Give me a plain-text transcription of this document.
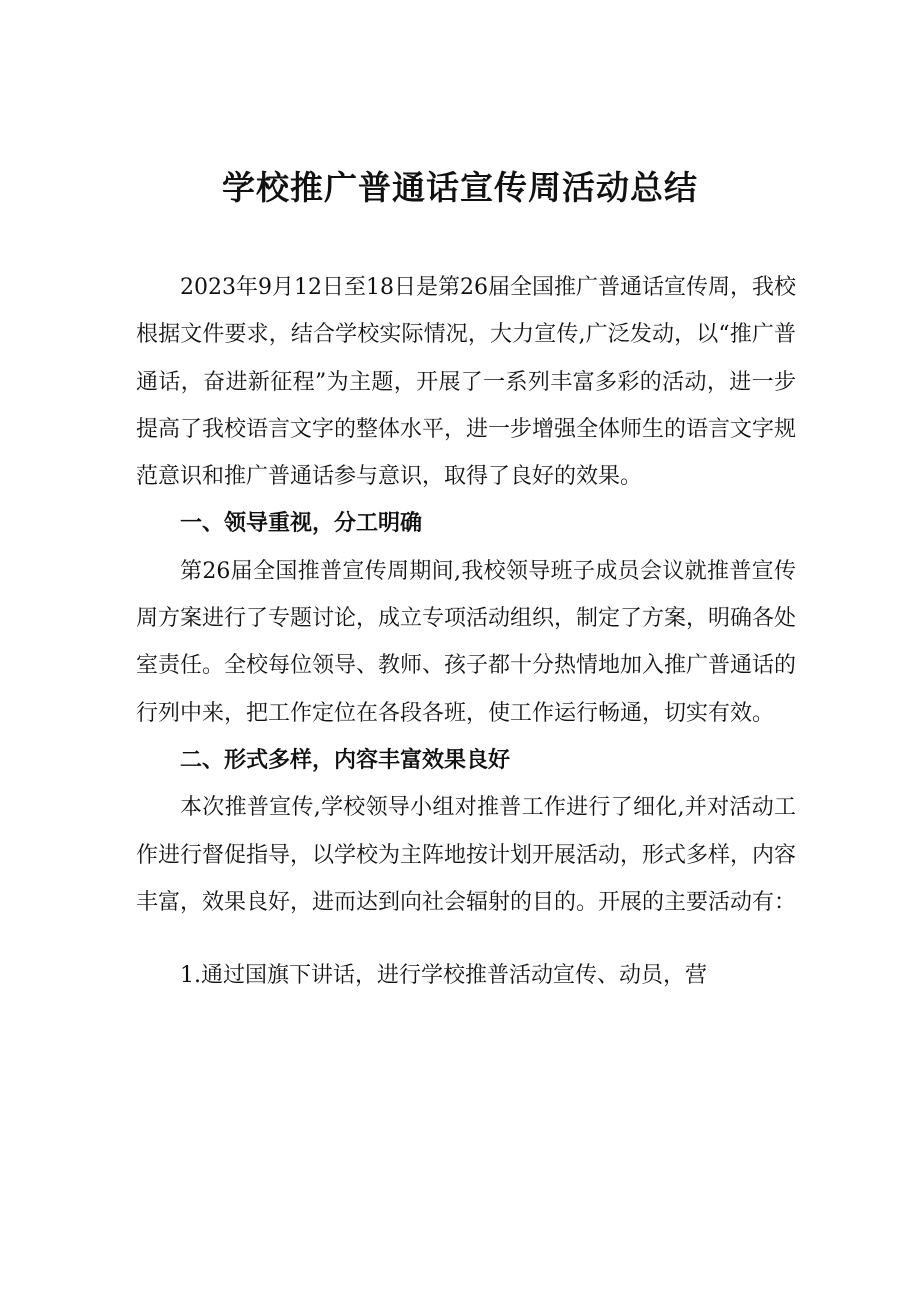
学校推广普通话宣传周活动总结

2023年9月12日至18日是第26届全国推广普通话宣传周，我校根据文件要求，结合学校实际情况，大力宣传,广泛发动，以“推广普通话，奋进新征程”为主题，开展了一系列丰富多彩的活动，进一步提高了我校语言文字的整体水平，进一步增强全体师生的语言文字规范意识和推广普通话参与意识，取得了良好的效果。

一、领导重视，分工明确

第26届全国推普宣传周期间,我校领导班子成员会议就推普宣传周方案进行了专题讨论，成立专项活动组织，制定了方案，明确各处室责任。全校每位领导、教师、孩子都十分热情地加入推广普通话的行列中来，把工作定位在各段各班，使工作运行畅通，切实有效。

二、形式多样，内容丰富效果良好

本次推普宣传,学校领导小组对推普工作进行了细化,并对活动工作进行督促指导，以学校为主阵地按计划开展活动，形式多样，内容丰富，效果良好，进而达到向社会辐射的目的。开展的主要活动有：

1.通过国旗下讲话，进行学校推普活动宣传、动员，营
